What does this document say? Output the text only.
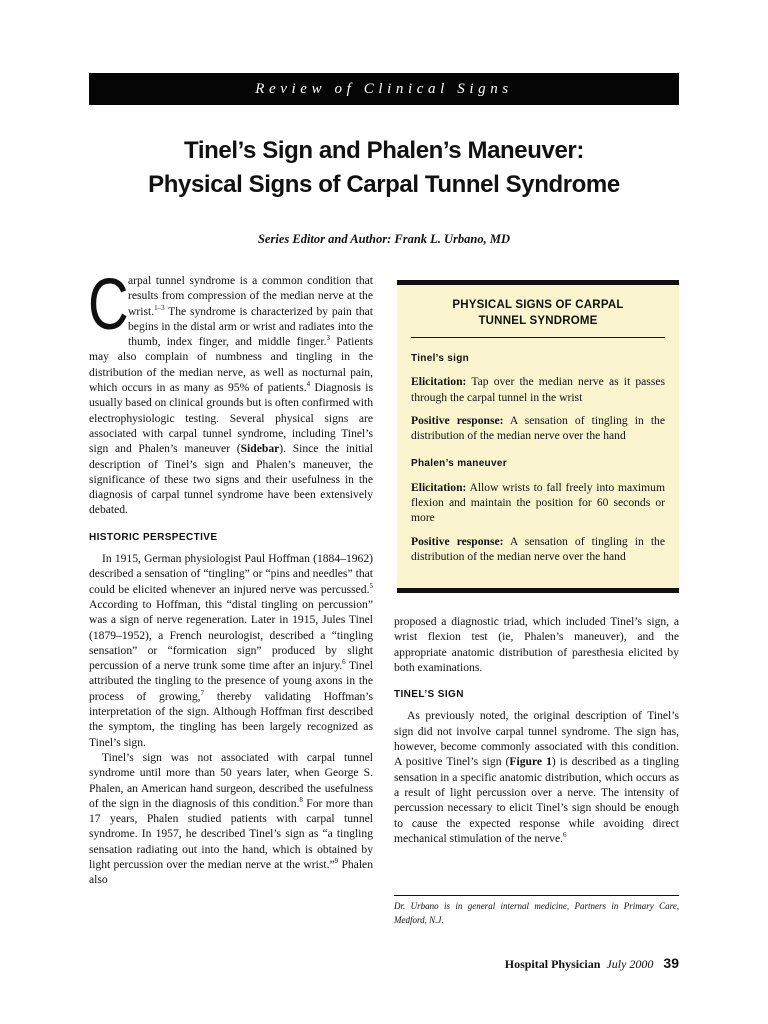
Review of Clinical Signs
Tinel’s Sign and Phalen’s Maneuver:
Physical Signs of Carpal Tunnel Syndrome
Series Editor and Author: Frank L. Urbano, MD

Carpal tunnel syndrome is a common condition that results from compression of the median nerve at the wrist.$^{1-3}$ The syndrome is characterized by pain that begins in the distal arm or wrist and radiates into the thumb, index finger, and middle finger.$^3$ Patients may also complain of numbness and tingling in the distribution of the median nerve, as well as nocturnal pain, which occurs in as many as 95% of patients.$^4$ Diagnosis is usually based on clinical grounds but is often confirmed with electrophysiologic testing. Several physical signs are associated with carpal tunnel syndrome, including Tinel’s sign and Phalen’s maneuver (Sidebar). Since the initial description of Tinel’s sign and Phalen’s maneuver, the significance of these two signs and their usefulness in the diagnosis of carpal tunnel syndrome have been extensively debated.

HISTORIC PERSPECTIVE

In 1915, German physiologist Paul Hoffman (1884–1962) described a sensation of “tingling” or “pins and needles” that could be elicited whenever an injured nerve was percussed.$^5$ According to Hoffman, this “distal tingling on percussion” was a sign of nerve regeneration. Later in 1915, Jules Tinel (1879–1952), a French neurologist, described a “tingling sensation” or “formication sign” produced by slight percussion of a nerve trunk some time after an injury.$^6$ Tinel attributed the tingling to the presence of young axons in the process of growing,$^7$ thereby validating Hoffman’s interpretation of the sign. Although Hoffman first described the symptom, the tingling has been largely recognized as Tinel’s sign.

Tinel’s sign was not associated with carpal tunnel syndrome until more than 50 years later, when George S. Phalen, an American hand surgeon, described the usefulness of the sign in the diagnosis of this condition.$^8$ For more than 17 years, Phalen studied patients with carpal tunnel syndrome. In 1957, he described Tinel’s sign as “a tingling sensation radiating out into the hand, which is obtained by light percussion over the median nerve at the wrist.”$^9$ Phalen also

PHYSICAL SIGNS OF CARPAL
TUNNEL SYNDROME
Tinel’s sign

Elicitation: Tap over the median nerve as it passes through the carpal tunnel in the wrist

Positive response: A sensation of tingling in the distribution of the median nerve over the hand

Phalen’s maneuver

Elicitation: Allow wrists to fall freely into maximum flexion and maintain the position for 60 seconds or more

Positive response: A sensation of tingling in the distribution of the median nerve over the hand

proposed a diagnostic triad, which included Tinel’s sign, a wrist flexion test (ie, Phalen’s maneuver), and the appropriate anatomic distribution of paresthesia elicited by both examinations.

TINEL’S SIGN

As previously noted, the original description of Tinel’s sign did not involve carpal tunnel syndrome. The sign has, however, become commonly associated with this condition. A positive Tinel’s sign (Figure 1) is described as a tingling sensation in a specific anatomic distribution, which occurs as a result of light percussion over a nerve. The intensity of percussion necessary to elicit Tinel’s sign should be enough to cause the expected response while avoiding direct mechanical stimulation of the nerve.$^6$

Dr. Urbano is in general internal medicine, Partners in Primary Care, Medford, N.J.
Hospital Physician July 2000 39
